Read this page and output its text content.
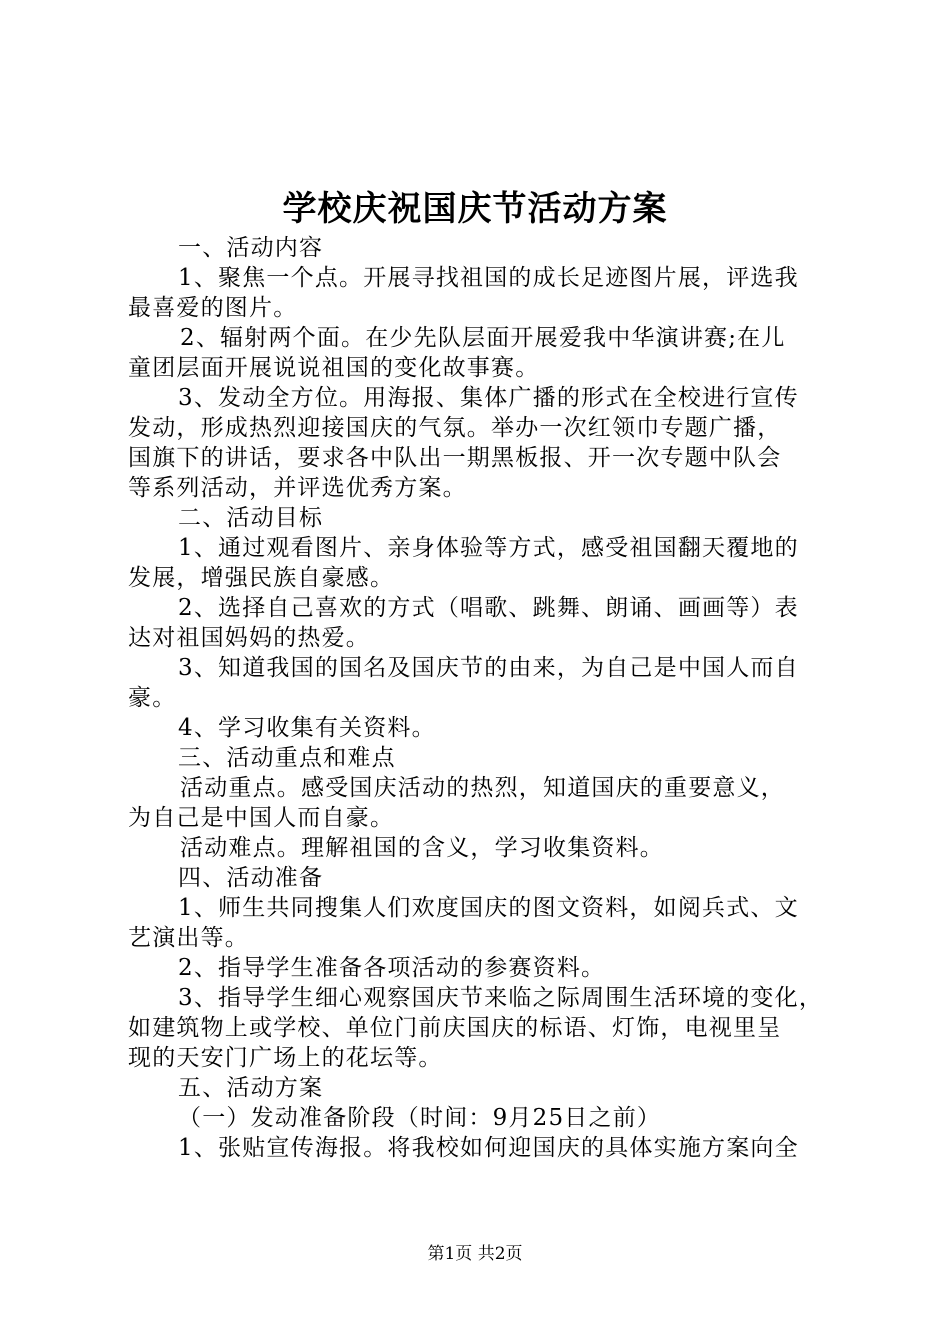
学校庆祝国庆节活动方案
一、活动内容
1、聚焦一个点。开展寻找祖国的成长足迹图片展，评选我
最喜爱的图片。
2、辐射两个面。在少先队层面开展爱我中华演讲赛;在儿
童团层面开展说说祖国的变化故事赛。
3、发动全方位。用海报、集体广播的形式在全校进行宣传
发动，形成热烈迎接国庆的气氛。举办一次红领巾专题广播，
国旗下的讲话，要求各中队出一期黑板报、开一次专题中队会
等系列活动，并评选优秀方案。
二、活动目标
1、通过观看图片、亲身体验等方式，感受祖国翻天覆地的
发展，增强民族自豪感。
2、选择自己喜欢的方式（唱歌、跳舞、朗诵、画画等）表
达对祖国妈妈的热爱。
3、知道我国的国名及国庆节的由来，为自己是中国人而自
豪。
4、学习收集有关资料。
三、活动重点和难点
活动重点。感受国庆活动的热烈，知道国庆的重要意义，
为自己是中国人而自豪。
活动难点。理解祖国的含义，学习收集资料。
四、活动准备
1、师生共同搜集人们欢度国庆的图文资料，如阅兵式、文
艺演出等。
2、指导学生准备各项活动的参赛资料。
3、指导学生细心观察国庆节来临之际周围生活环境的变化，
如建筑物上或学校、单位门前庆国庆的标语、灯饰，电视里呈
现的天安门广场上的花坛等。
五、活动方案
（一）发动准备阶段（时间：9月25日之前）
1、张贴宣传海报。将我校如何迎国庆的具体实施方案向全
第1页 共2页
